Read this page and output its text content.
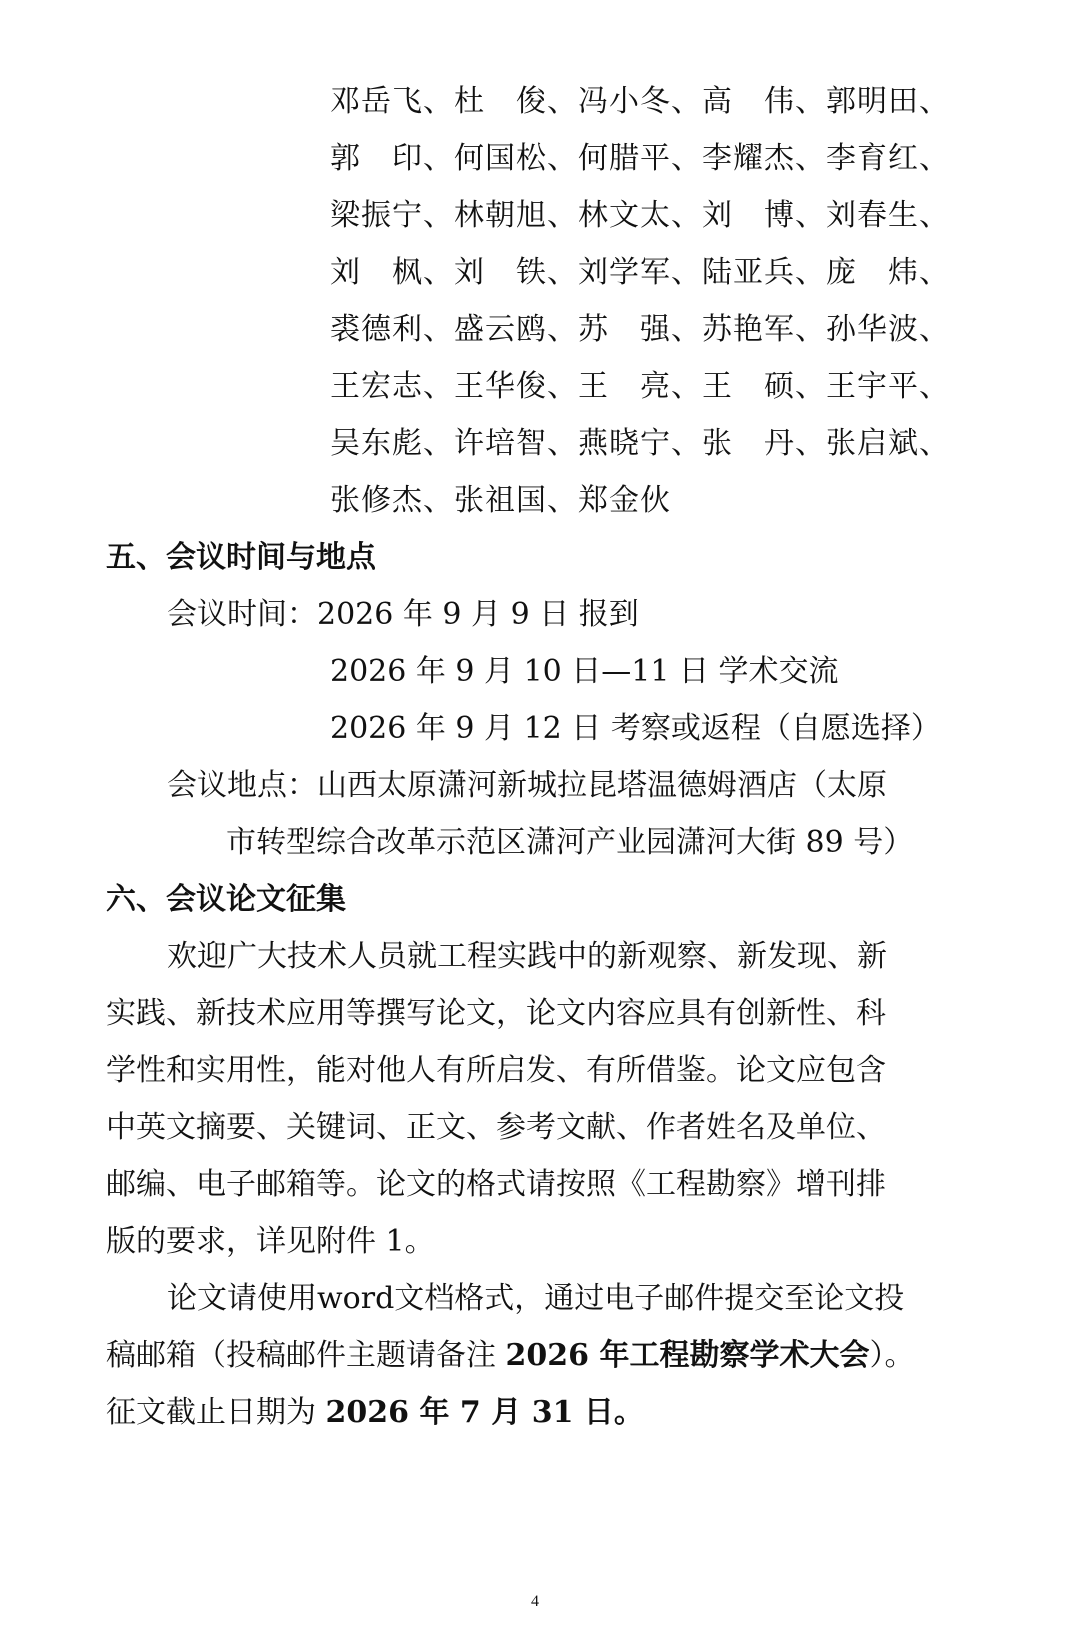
邓岳飞、杜　俊、冯小冬、高　伟、郭明田、
郭　印、何国松、何腊平、李耀杰、李育红、
梁振宁、林朝旭、林文太、刘　博、刘春生、
刘　枫、刘　铁、刘学军、陆亚兵、庞　炜、
裘德利、盛云鸥、苏　强、苏艳军、孙华波、
王宏志、王华俊、王　亮、王　硕、王宇平、
吴东彪、许培智、燕晓宁、张　丹、张启斌、
张修杰、张祖国、郑金伙
五、会议时间与地点
会议时间：2026 年 9 月 9 日 报到
2026 年 9 月 10 日—11 日 学术交流
2026 年 9 月 12 日 考察或返程（自愿选择）
会议地点：山西太原潇河新城拉昆塔温德姆酒店（太原
市转型综合改革示范区潇河产业园潇河大街 89 号）
六、会议论文征集
欢迎广大技术人员就工程实践中的新观察、新发现、新
实践、新技术应用等撰写论文，论文内容应具有创新性、科
学性和实用性，能对他人有所启发、有所借鉴。论文应包含
中英文摘要、关键词、正文、参考文献、作者姓名及单位、
邮编、电子邮箱等。论文的格式请按照《工程勘察》增刊排
版的要求，详见附件 1。
论文请使用word文档格式，通过电子邮件提交至论文投
稿邮箱（投稿邮件主题请备注 2026 年工程勘察学术大会）。
征文截止日期为 2026 年 7 月 31 日。
4
